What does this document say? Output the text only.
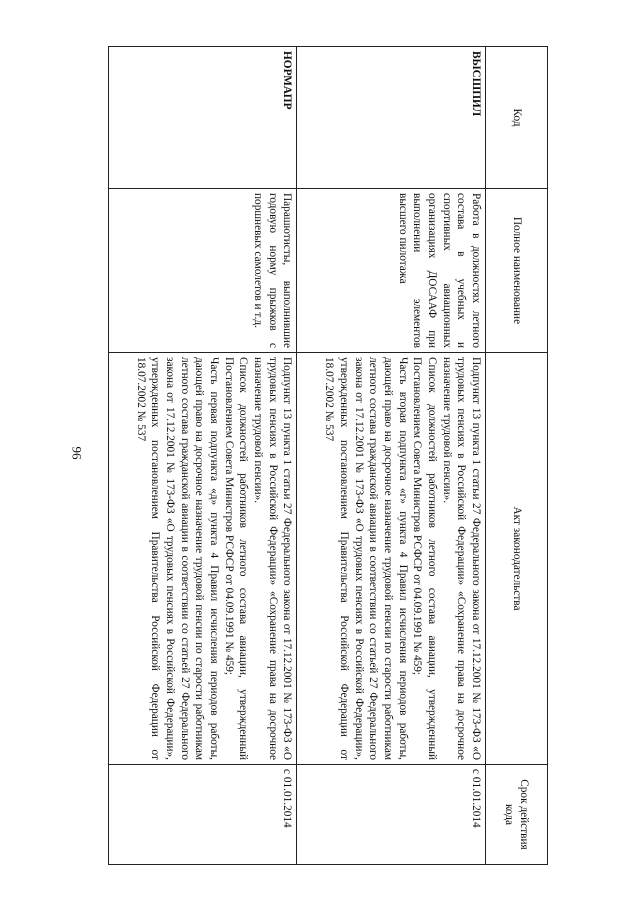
96
Код	Полное наименование	Акт законодательства	Срок действия кода
ВЫСШПИЛ	Работа в должностях летного состава в учебных и спортивных авиационных организациях ДОСААФ при выполнении элементов высшего пилотажа	Подпункт 13 пункта 1 статьи 27 Федерального закона от 17.12.2001 № 173-ФЗ «О трудовых пенсиях в Российской Федерации» «Сохранение права на досрочное назначение трудовой пенсии».

Список должностей работников летного состава авиации, утвержденный Постановлением Совета Министров РСФСР от 04.09.1991 № 459;

Часть вторая подпункта «г» пункта 4 Правил исчисления периодов работы, дающей право на досрочное назначение трудовой пенсии по старости работникам летного состава гражданской авиации в соответствии со статьей 27 Федерального закона от 17.12.2001 № 173-ФЗ «О трудовых пенсиях в Российской Федерации», утвержденных постановлением Правительства Российской Федерации от 18.07.2002 № 537	с 01.01.2014
НОРМАПР	Парашютисты, выполнившие годовую норму прыжков с поршневых самолетов и т.д.	Подпункт 13 пункта 1 статьи 27 Федерального закона от 17.12.2001 № 173-ФЗ «О трудовых пенсиях в Российской Федерации» «Сохранение права на досрочное назначение трудовой пенсии».

Список должностей работников летного состава авиации, утвержденный Постановлением Совета Министров РСФСР от 04.09.1991 № 459;

Часть первая подпункта «д» пункта 4 Правил исчисления периодов работы, дающей право на досрочное назначение трудовой пенсии по старости работникам летного состава гражданской авиации в соответствии со статьей 27 Федерального закона от 17.12.2001 № 173-ФЗ «О трудовых пенсиях в Российской Федерации», утвержденных постановлением Правительства Российской Федерации от 18.07.2002 № 537	с 01.01.2014
